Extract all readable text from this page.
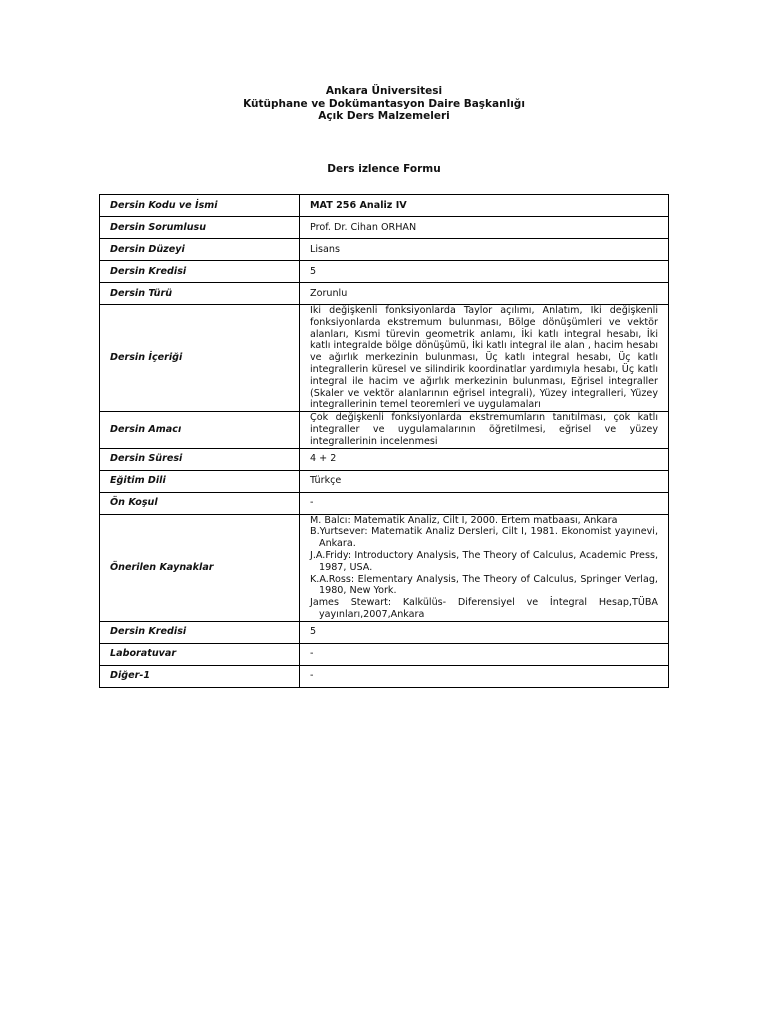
Ankara Üniversitesi
Kütüphane ve Dokümantasyon Daire Başkanlığı
Açık Ders Malzemeleri
Ders izlence Formu
Dersin Kodu ve İsmi	MAT 256 Analiz IV
Dersin Sorumlusu	Prof. Dr. Cihan ORHAN
Dersin Düzeyi	Lisans
Dersin Kredisi	5
Dersin Türü	Zorunlu
Dersin İçeriği	İki değişkenli fonksiyonlarda Taylor açılımı, Anlatım, İki değişkenli fonksiyonlarda ekstremum bulunması, Bölge dönüşümleri ve vektör alanları, Kısmi türevin geometrik anlamı, İki katlı integral hesabı, İki katlı integralde bölge dönüşümü, İki katlı integral ile alan , hacim hesabı ve ağırlık merkezinin bulunması, Üç katlı integral hesabı, Üç katlı integrallerin küresel ve silindirik koordinatlar yardımıyla hesabı, Üç katlı integral ile hacim ve ağırlık merkezinin bulunması, Eğrisel integraller (Skaler ve vektör alanlarının eğrisel integrali), Yüzey integralleri, Yüzey integrallerinin temel teoremleri ve uygulamaları
Dersin Amacı	Çok değişkenli fonksiyonlarda ekstremumların tanıtılması, çok katlı integraller ve uygulamalarının öğretilmesi, eğrisel ve yüzey integrallerinin incelenmesi
Dersin Süresi	4 + 2
Eğitim Dili	Türkçe
Ön Koşul	-
Önerilen Kaynaklar	M. Balcı: Matematik Analiz, Cilt I, 2000. Ertem matbaası, Ankara
B.Yurtsever: Matematik Analiz Dersleri, Cilt I, 1981. Ekonomist yayınevi, Ankara.
J.A.Fridy: Introductory Analysis, The Theory of Calculus, Academic Press, 1987, USA.
K.A.Ross: Elementary Analysis, The Theory of Calculus, Springer Verlag, 1980, New York.
James Stewart: Kalkülüs- Diferensiyel ve İntegral Hesap,TÜBA yayınları,2007,Ankara

Dersin Kredisi	5
Laboratuvar	-
Diğer-1	-
